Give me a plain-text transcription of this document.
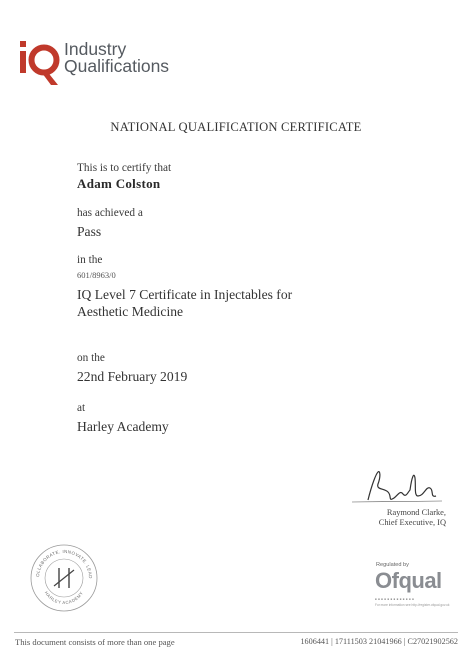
Industry
Qualifications
NATIONAL QUALIFICATION CERTIFICATE
This is to certify that
Adam Colston
has achieved a
Pass
in the
601/8963/0
IQ Level 7 Certificate in Injectables for
Aesthetic Medicine
on the
22nd February 2019
at
Harley Academy
Raymond Clarke,
Chief Executive, IQ
OLLABORATE. INNOVATE. LEAD
HARLEY ACADEMY
Regulated by
Ofqual
■■■■■■■■■■■■■
For more information see http://register.ofqual.gov.uk
This document consists of more than one page	1606441 | 17111503 21041966 | C27021902562
